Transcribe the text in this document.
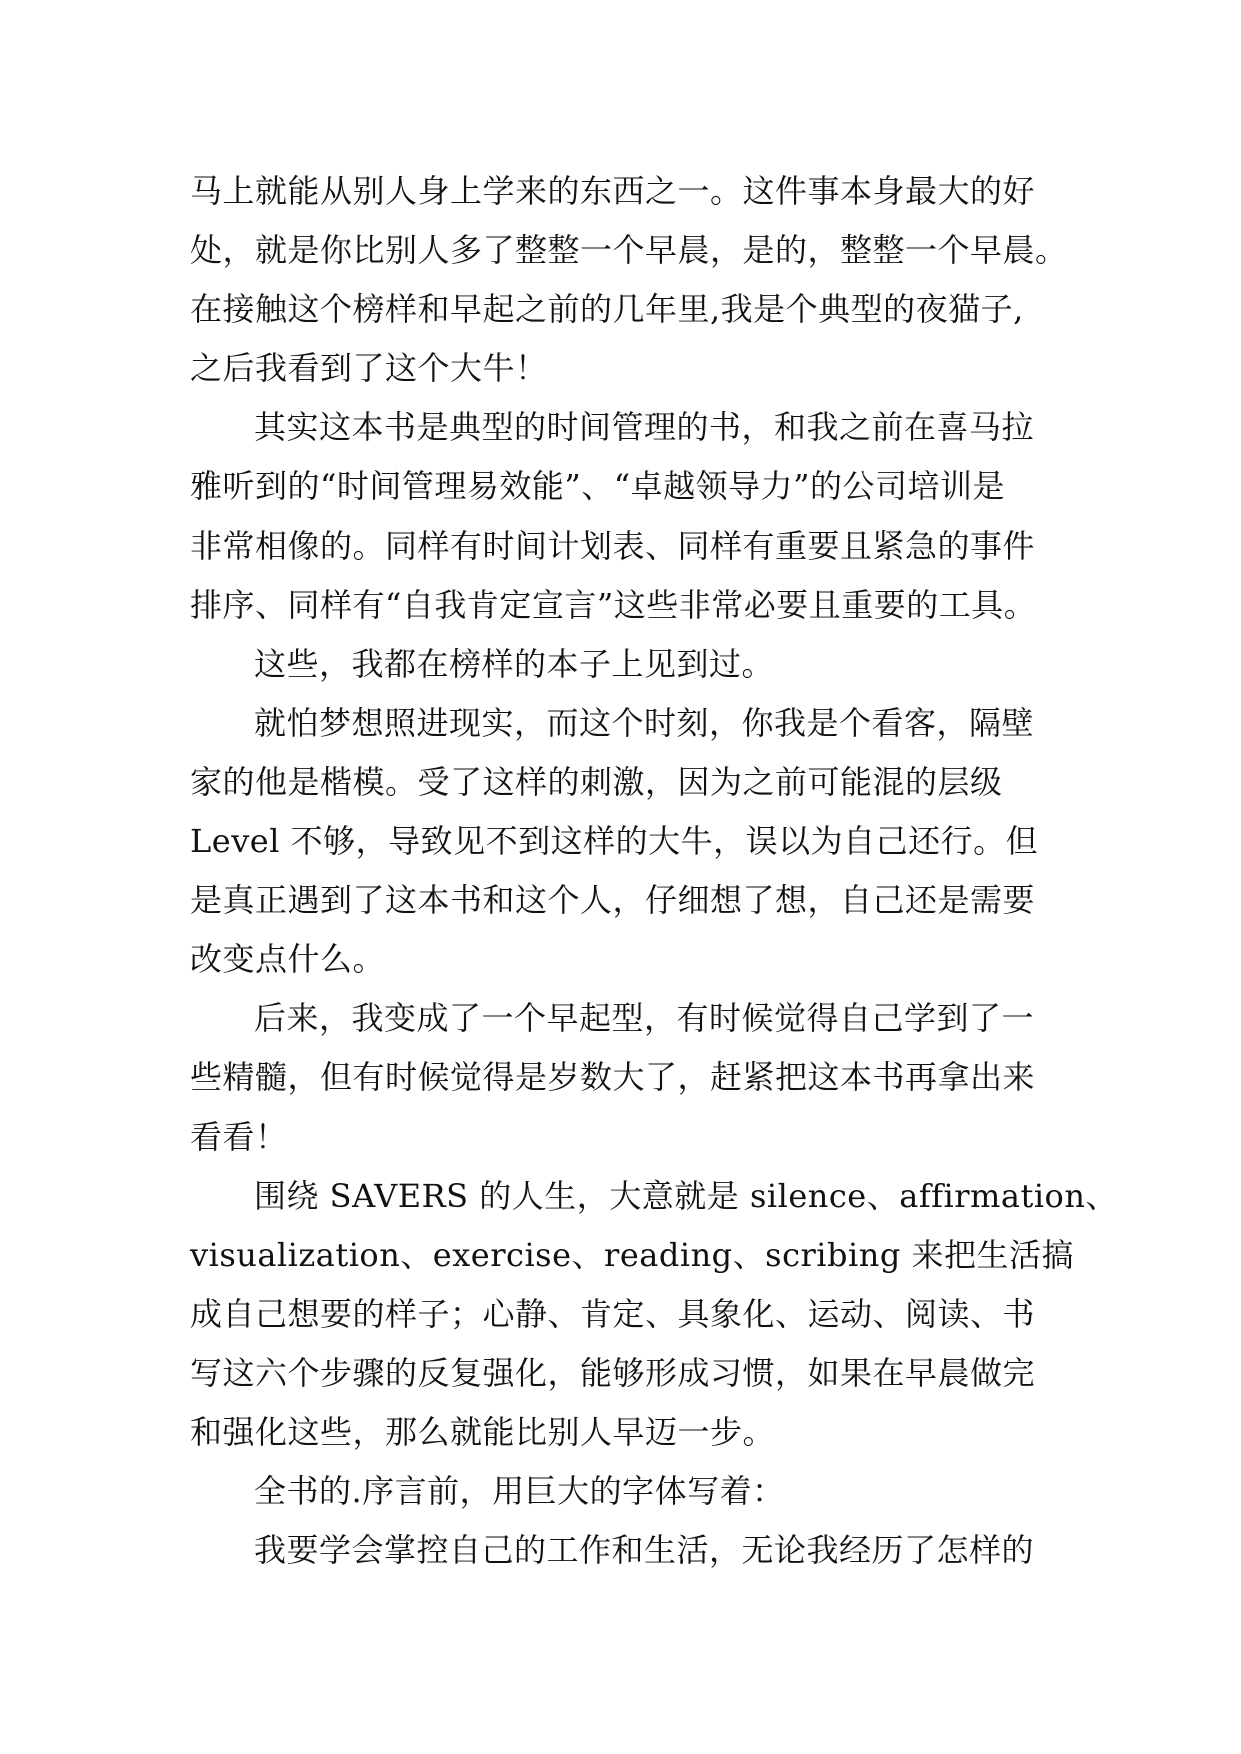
马上就能从别人身上学来的东西之一。这件事本身最大的好
处，就是你比别人多了整整一个早晨，是的，整整一个早晨。
在接触这个榜样和早起之前的几年里,我是个典型的夜猫子,
之后我看到了这个大牛！
其实这本书是典型的时间管理的书，和我之前在喜马拉
雅听到的“时间管理易效能”、“卓越领导力”的公司培训是
非常相像的。同样有时间计划表、同样有重要且紧急的事件
排序、同样有“自我肯定宣言”这些非常必要且重要的工具。
这些，我都在榜样的本子上见到过。
就怕梦想照进现实，而这个时刻，你我是个看客，隔壁
家的他是楷模。受了这样的刺激，因为之前可能混的层级
Level 不够，导致见不到这样的大牛，误以为自己还行。但
是真正遇到了这本书和这个人，仔细想了想，自己还是需要
改变点什么。
后来，我变成了一个早起型，有时候觉得自己学到了一
些精髓，但有时候觉得是岁数大了，赶紧把这本书再拿出来
看看！
围绕 SAVERS 的人生，大意就是 silence、affirmation、
visualization、exercise、reading、scribing 来把生活搞
成自己想要的样子；心静、肯定、具象化、运动、阅读、书
写这六个步骤的反复强化，能够形成习惯，如果在早晨做完
和强化这些，那么就能比别人早迈一步。
全书的.序言前，用巨大的字体写着：
我要学会掌控自己的工作和生活，无论我经历了怎样的
